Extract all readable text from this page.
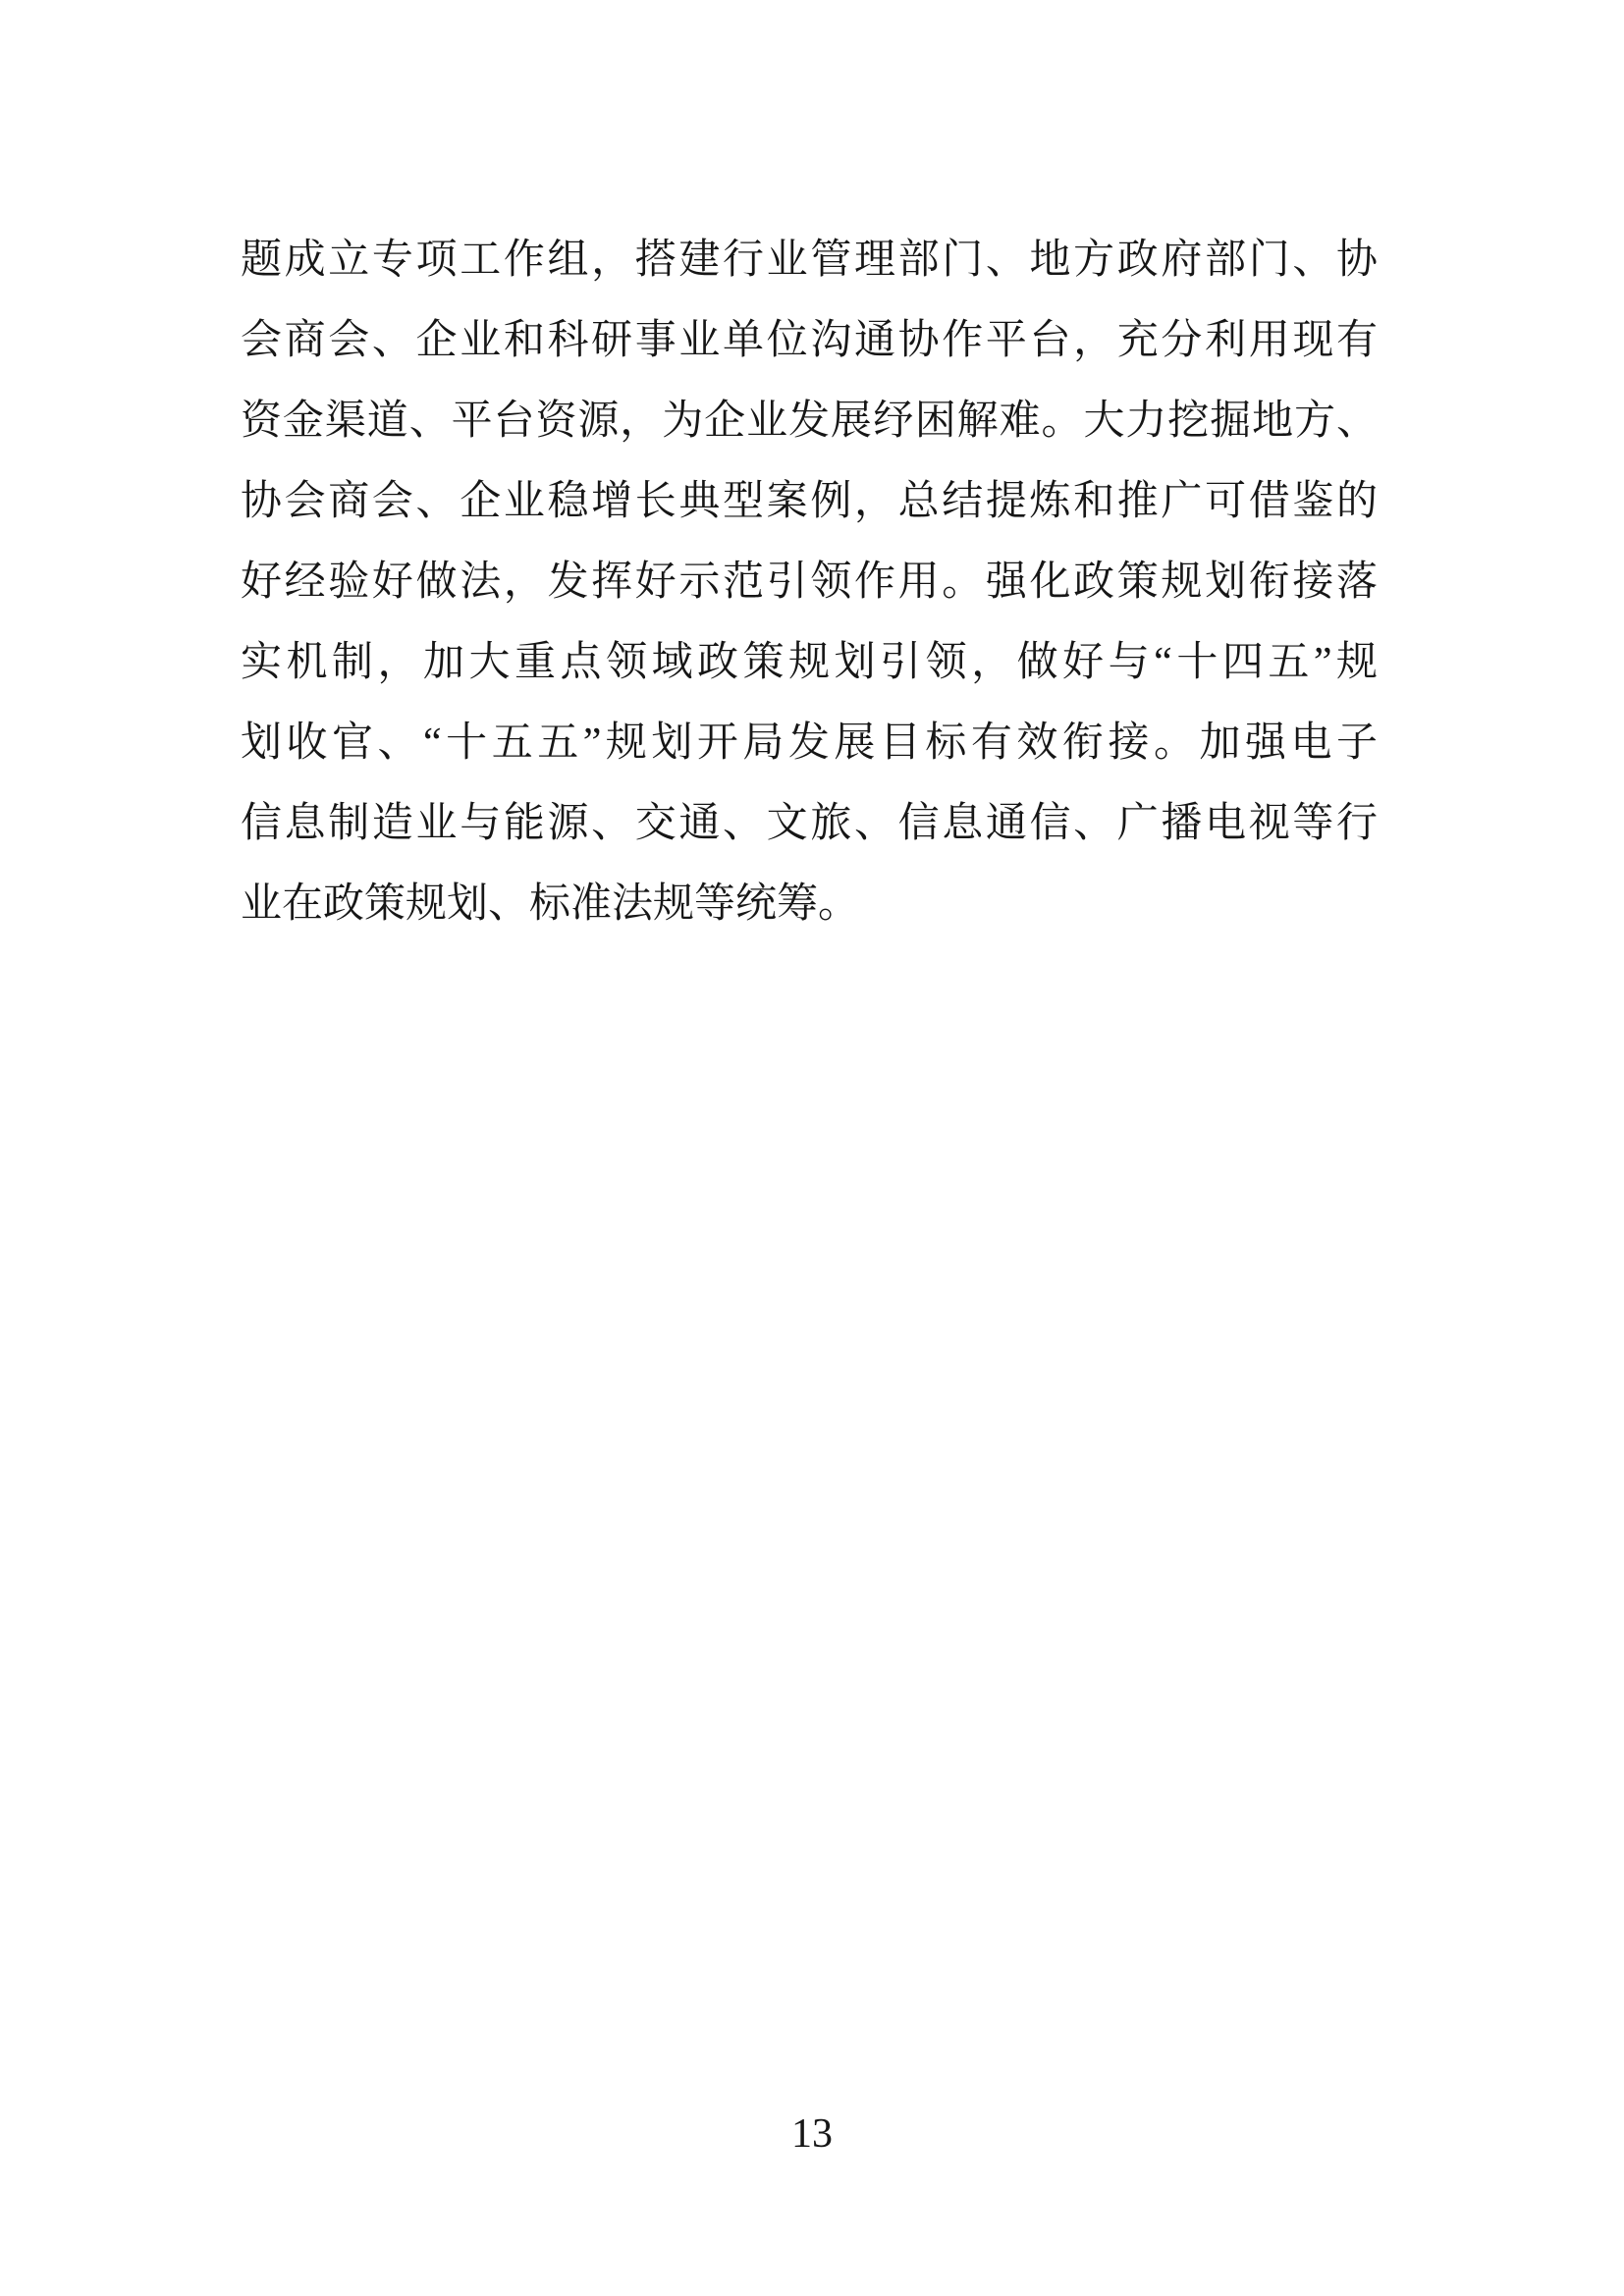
题成立专项工作组，搭建行业管理部门、地方政府部门、协
会商会、企业和科研事业单位沟通协作平台，充分利用现有
资金渠道、平台资源，为企业发展纾困解难。大力挖掘地方、
协会商会、企业稳增长典型案例，总结提炼和推广可借鉴的
好经验好做法，发挥好示范引领作用。强化政策规划衔接落
实机制，加大重点领域政策规划引领，做好与“十四五”规
划收官、“十五五”规划开局发展目标有效衔接。加强电子
信息制造业与能源、交通、文旅、信息通信、广播电视等行
业在政策规划、标准法规等统筹。
13
